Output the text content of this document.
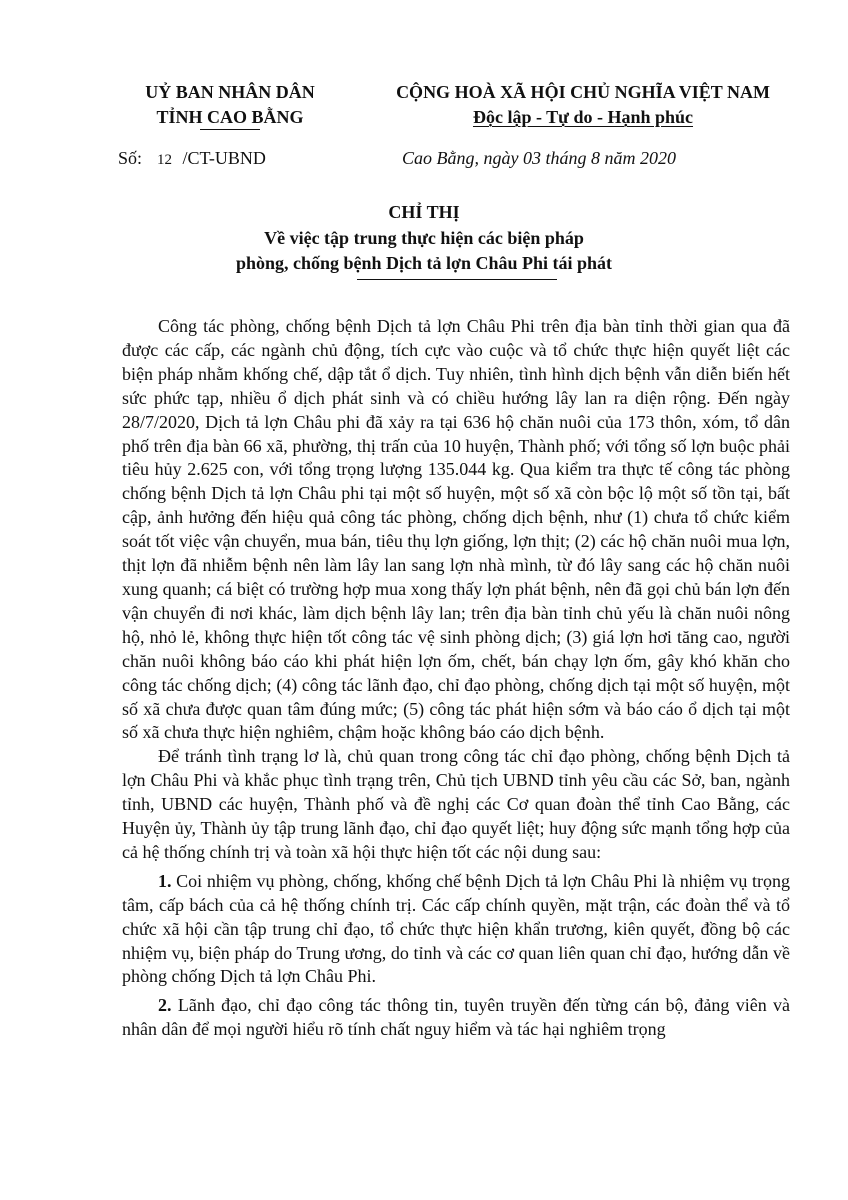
UỶ BAN NHÂN DÂN
TỈNH CAO BẰNG
CỘNG HOÀ XÃ HỘI CHỦ NGHĨA VIỆT NAM
Độc lập - Tự do - Hạnh phúc
Số: 12 /CT-UBND	Cao Bằng, ngày 03 tháng 8 năm 2020
CHỈ THỊ
Về việc tập trung thực hiện các biện pháp
phòng, chống bệnh Dịch tả lợn Châu Phi tái phát

Công tác phòng, chống bệnh Dịch tả lợn Châu Phi trên địa bàn tỉnh thời gian qua đã được các cấp, các ngành chủ động, tích cực vào cuộc và tổ chức thực hiện quyết liệt các biện pháp nhằm khống chế, dập tắt ổ dịch. Tuy nhiên, tình hình dịch bệnh vẫn diễn biến hết sức phức tạp, nhiều ổ dịch phát sinh và có chiều hướng lây lan ra diện rộng. Đến ngày 28/7/2020, Dịch tả lợn Châu phi đã xảy ra tại 636 hộ chăn nuôi của 173 thôn, xóm, tổ dân phố trên địa bàn 66 xã, phường, thị trấn của 10 huyện, Thành phố; với tổng số lợn buộc phải tiêu hủy 2.625 con, với tổng trọng lượng 135.044 kg. Qua kiểm tra thực tế công tác phòng chống bệnh Dịch tả lợn Châu phi tại một số huyện, một số xã còn bộc lộ một số tồn tại, bất cập, ảnh hưởng đến hiệu quả công tác phòng, chống dịch bệnh, như (1) chưa tổ chức kiểm soát tốt việc vận chuyển, mua bán, tiêu thụ lợn giống, lợn thịt; (2) các hộ chăn nuôi mua lợn, thịt lợn đã nhiễm bệnh nên làm lây lan sang lợn nhà mình, từ đó lây sang các hộ chăn nuôi xung quanh; cá biệt có trường hợp mua xong thấy lợn phát bệnh, nên đã gọi chủ bán lợn đến vận chuyển đi nơi khác, làm dịch bệnh lây lan; trên địa bàn tỉnh chủ yếu là chăn nuôi nông hộ, nhỏ lẻ, không thực hiện tốt công tác vệ sinh phòng dịch; (3) giá lợn hơi tăng cao, người chăn nuôi không báo cáo khi phát hiện lợn ốm, chết, bán chạy lợn ốm, gây khó khăn cho công tác chống dịch; (4) công tác lãnh đạo, chỉ đạo phòng, chống dịch tại một số huyện, một số xã chưa được quan tâm đúng mức; (5) công tác phát hiện sớm và báo cáo ổ dịch tại một số xã chưa thực hiện nghiêm, chậm hoặc không báo cáo dịch bệnh.

Để tránh tình trạng lơ là, chủ quan trong công tác chỉ đạo phòng, chống bệnh Dịch tả lợn Châu Phi và khắc phục tình trạng trên, Chủ tịch UBND tỉnh yêu cầu các Sở, ban, ngành tỉnh, UBND các huyện, Thành phố và đề nghị các Cơ quan đoàn thể tỉnh Cao Bằng, các Huyện ủy, Thành ủy tập trung lãnh đạo, chỉ đạo quyết liệt; huy động sức mạnh tổng hợp của cả hệ thống chính trị và toàn xã hội thực hiện tốt các nội dung sau:

1. Coi nhiệm vụ phòng, chống, khống chế bệnh Dịch tả lợn Châu Phi là nhiệm vụ trọng tâm, cấp bách của cả hệ thống chính trị. Các cấp chính quyền, mặt trận, các đoàn thể và tổ chức xã hội cần tập trung chỉ đạo, tổ chức thực hiện khẩn trương, kiên quyết, đồng bộ các nhiệm vụ, biện pháp do Trung ương, do tỉnh và các cơ quan liên quan chỉ đạo, hướng dẫn về phòng chống Dịch tả lợn Châu Phi.

2. Lãnh đạo, chỉ đạo công tác thông tin, tuyên truyền đến từng cán bộ, đảng viên và nhân dân để mọi người hiểu rõ tính chất nguy hiểm và tác hại nghiêm trọng
